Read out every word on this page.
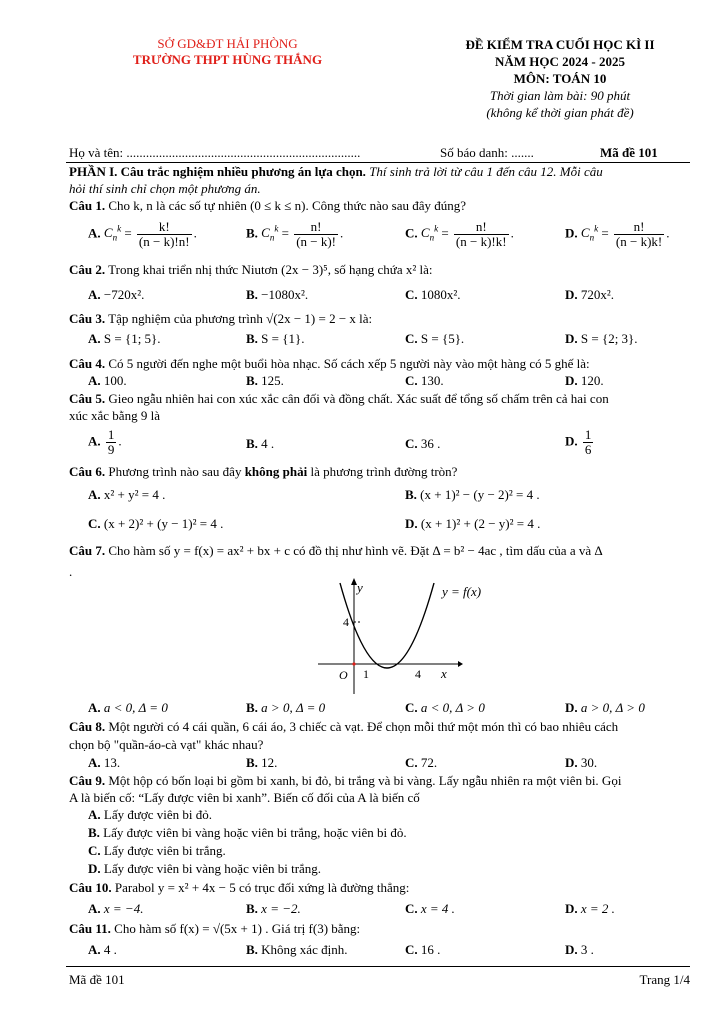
SỞ GD&ĐT HẢI PHÒNG
TRƯỜNG THPT HÙNG THẮNG
ĐỀ KIỂM TRA CUỐI HỌC KÌ II
NĂM HỌC 2024 - 2025
MÔN: TOÁN 10
Thời gian làm bài: 90 phút
(không kể thời gian phát đề)
Họ và tên: ........................................................................	Số báo danh: .......	Mã đề 101
PHẦN I. Câu trắc nghiệm nhiều phương án lựa chọn. Thí sinh trả lời từ câu 1 đến câu 12. Mỗi câu
hỏi thí sinh chỉ chọn một phương án.
Câu 1. Cho k, n là các số tự nhiên (0 ≤ k ≤ n). Công thức nào sau đây đúng?
A. $C_n^k = \frac{k!}{(n - k)!n!}$ .	B. $C_n^k = \frac{n!}{(n - k)!}$ .	C. $C_n^k = \frac{n!}{(n - k)!k!}$ .	D. $C_n^k = \frac{n!}{(n - k)k!}$ .
Câu 2. Trong khai triển nhị thức Niutơn (2x − 3)⁵, số hạng chứa x² là:
A. −720x².	B. −1080x².	C. 1080x².	D. 720x².
Câu 3. Tập nghiệm của phương trình √(2x − 1) = 2 − x là:
A. S = {1; 5}.	B. S = {1}.	C. S = {5}.	D. S = {2; 3}.
Câu 4. Có 5 người đến nghe một buổi hòa nhạc. Số cách xếp 5 người này vào một hàng có 5 ghế là:
A. 100.	B. 125.	C. 130.	D. 120.
Câu 5. Gieo ngẫu nhiên hai con xúc xắc cân đối và đồng chất. Xác suất để tổng số chấm trên cả hai con
xúc xắc bằng 9 là
A. $\frac{1}{9}$ .	B. 4 .	C. 36 .	D. $\frac{1}{6}$
Câu 6. Phương trình nào sau đây không phải là phương trình đường tròn?
A. x² + y² = 4 .	B. (x + 1)² − (y − 2)² = 4 .
C. (x + 2)² + (y − 1)² = 4 .	D. (x + 1)² + (2 − y)² = 4 .
Câu 7. Cho hàm số y = f(x) = ax² + bx + c có đồ thị như hình vẽ. Đặt Δ = b² − 4ac , tìm dấu của a và Δ
.
y
x
O
4
1	4
y = f(x)
A. a < 0, Δ = 0	B. a > 0, Δ = 0	C. a < 0, Δ > 0	D. a > 0, Δ > 0
Câu 8. Một người có 4 cái quần, 6 cái áo, 3 chiếc cà vạt. Để chọn mỗi thứ một món thì có bao nhiêu cách
chọn bộ "quần-áo-cà vạt" khác nhau?
A. 13.	B. 12.	C. 72.	D. 30.
Câu 9. Một hộp có bốn loại bi gồm bi xanh, bi đỏ, bi trắng và bi vàng. Lấy ngẫu nhiên ra một viên bi. Gọi
A là biến cố: “Lấy được viên bi xanh”. Biến cố đối của A là biến cố
A. Lấy được viên bi đỏ.
B. Lấy được viên bi vàng hoặc viên bi trắng, hoặc viên bi đỏ.
C. Lấy được viên bi trắng.
D. Lấy được viên bi vàng hoặc viên bi trắng.
Câu 10. Parabol y = x² + 4x − 5 có trục đối xứng là đường thẳng:
A. x = −4.	B. x = −2.	C. x = 4 .	D. x = 2 .
Câu 11. Cho hàm số f(x) = √(5x + 1) . Giá trị f(3) bằng:
A. 4 .	B. Không xác định.	C. 16 .	D. 3 .
Mã đề 101	Trang 1/4
